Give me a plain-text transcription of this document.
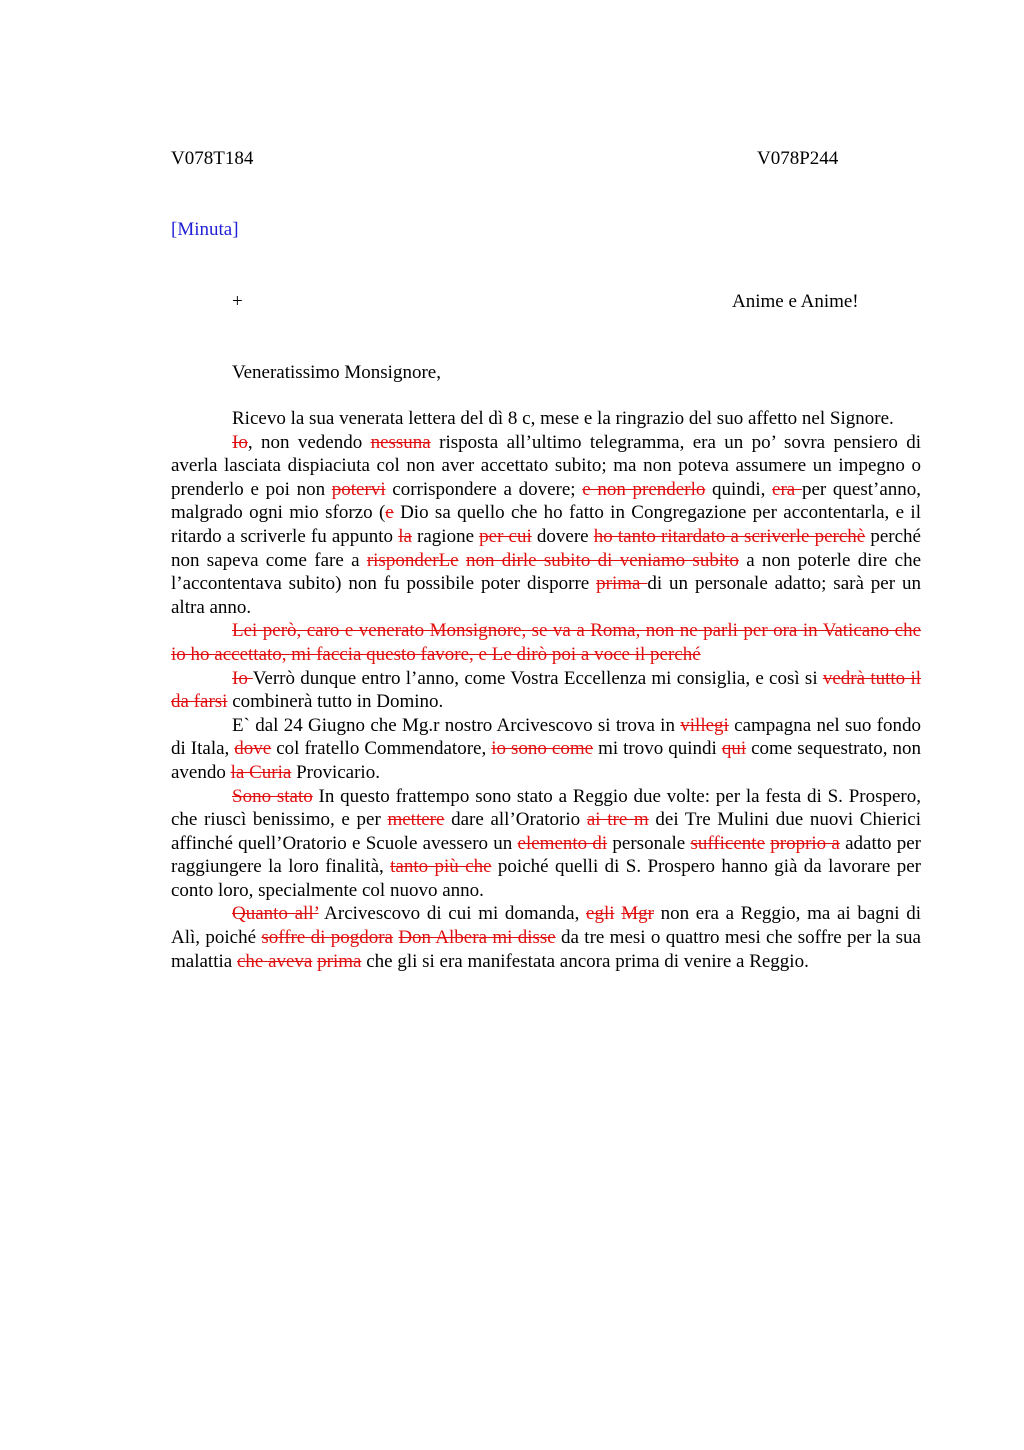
V078T184	V078P244
[Minuta]
+	Anime e Anime!
Veneratissimo Monsignore,

Ricevo la sua venerata lettera del dì 8 c, mese e la ringrazio del suo affetto nel Signore.

Io, non vedendo nessuna risposta all’ultimo telegramma, era un po’ sovra pensiero di averla lasciata dispiaciuta col non aver accettato subito; ma non poteva assumere un impegno o prenderlo e poi non potervi corrispondere a dovere; e non prenderlo quindi, era per quest’anno, malgrado ogni mio sforzo (e Dio sa quello che ho fatto in Congregazione per accontentarla, e il ritardo a scriverle fu appunto la ragione per cui dovere ho tanto ritardato a scriverle perchè perché non sapeva come fare a risponderLe non dirle subito di veniamo subito a non poterle dire che l’accontentava subito) non fu possibile poter disporre prima di un personale adatto; sarà per un altra anno.

Lei però, caro e venerato Monsignore, se va a Roma, non ne parli per ora in Vaticano che io ho accettato, mi faccia questo favore, e Le dirò poi a voce il perché

Io Verrò dunque entro l’anno, come Vostra Eccellenza mi consiglia, e così si vedrà tutto il da farsi combinerà tutto in Domino.

E` dal 24 Giugno che Mg.r nostro Arcivescovo si trova in villegi campagna nel suo fondo di Itala, dove col fratello Commendatore, io sono come mi trovo quindi qui come sequestrato, non avendo la Curia Provicario.

Sono stato In questo frattempo sono stato a Reggio due volte: per la festa di S. Prospero, che riuscì benissimo, e per mettere dare all’Oratorio ai tre m dei Tre Mulini due nuovi Chierici affinché quell’Oratorio e Scuole avessero un elemento di personale sufficente proprio a adatto per raggiungere la loro finalità, tanto più che poiché quelli di S. Prospero hanno già da lavorare per conto loro, specialmente col nuovo anno.

Quanto all’ Arcivescovo di cui mi domanda, egli Mgr non era a Reggio, ma ai bagni di Alì, poiché soffre di pogdora Don Albera mi disse da tre mesi o quattro mesi che soffre per la sua malattia che aveva prima che gli si era manifestata ancora prima di venire a Reggio.
